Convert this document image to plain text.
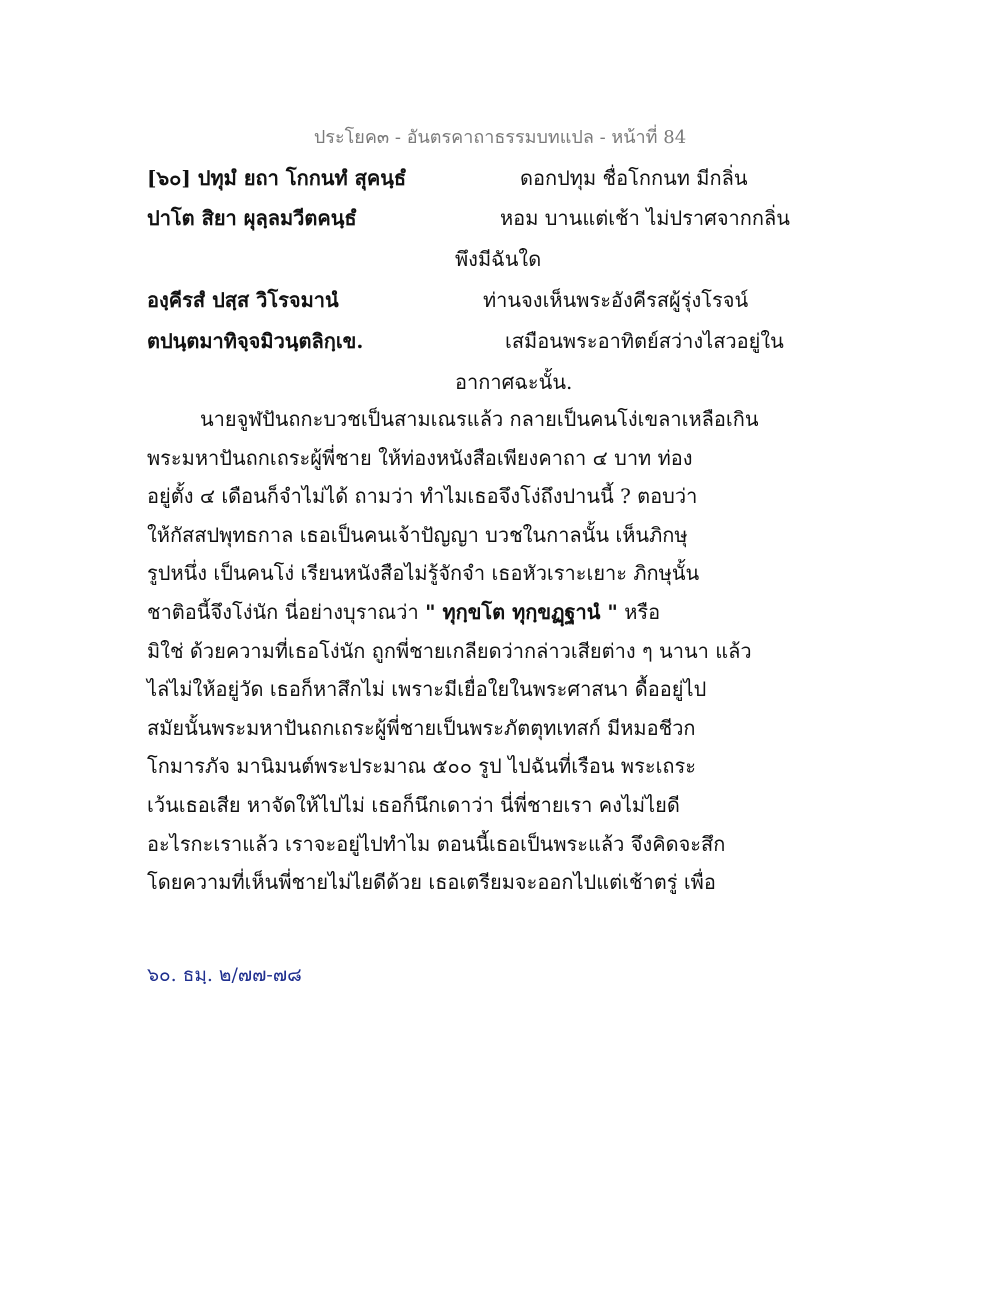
ประโยค๓ - อันตรคาถาธรรมบทแปล - หน้าที่ 84
[๖๐] ปทุมํ ยถา โกกนทํ สุคนฺธํ	ดอกปทุม ชื่อโกกนท มีกลิ่น
ปาโต สิยา ผุลฺลมวีตคนฺธํ	หอม บานแต่เช้า ไม่ปราศจากกลิ่น
พึงมีฉันใด
องฺคีรสํ ปสฺส วิโรจมานํ	ท่านจงเห็นพระอังคีรสผู้รุ่งโรจน์
ตปนฺตมาทิจฺจมิวนฺตลิกฺเข.	เสมือนพระอาทิตย์สว่างไสวอยู่ใน
อากาศฉะนั้น.
นายจูฬปันถกะบวชเป็นสามเณรแล้ว กลายเป็นคนโง่เขลาเหลือเกิน
พระมหาปันถกเถระผู้พี่ชาย ให้ท่องหนังสือเพียงคาถา ๔ บาท ท่อง
อยู่ตั้ง ๔ เดือนก็จำไม่ได้ ถามว่า ทำไมเธอจึงโง่ถึงปานนี้ ? ตอบว่า
ให้กัสสปพุทธกาล เธอเป็นคนเจ้าปัญญา บวชในกาลนั้น เห็นภิกษุ
รูปหนึ่ง เป็นคนโง่ เรียนหนังสือไม่รู้จักจำ เธอหัวเราะเยาะ ภิกษุนั้น
ชาติอนี้จึงโง่นัก นี่อย่างบุราณว่า " ทุกฺขโต ทุกฺขฏฺฐานํ " หรือ
มิใช่ ด้วยความที่เธอโง่นัก ถูกพี่ชายเกลียดว่ากล่าวเสียต่าง ๆ นานา แล้ว
ไล่ไม่ให้อยู่วัด เธอก็หาสึกไม่ เพราะมีเยื่อใยในพระศาสนา ดื้ออยู่ไป
สมัยนั้นพระมหาปันถกเถระผู้พี่ชายเป็นพระภัตตุทเทสก์ มีหมอชีวก
โกมารภัจ มานิมนต์พระประมาณ ๕๐๐ รูป ไปฉันที่เรือน พระเถระ
เว้นเธอเสีย หาจัดให้ไปไม่ เธอก็นึกเดาว่า นี่พี่ชายเรา คงไม่ไยดี
อะไรกะเราแล้ว เราจะอยู่ไปทำไม ตอนนี้เธอเป็นพระแล้ว จึงคิดจะสึก
โดยความที่เห็นพี่ชายไม่ไยดีด้วย เธอเตรียมจะออกไปแต่เช้าตรู่ เพื่อ
๖๐. ธมฺ. ๒/๗๗-๗๘
